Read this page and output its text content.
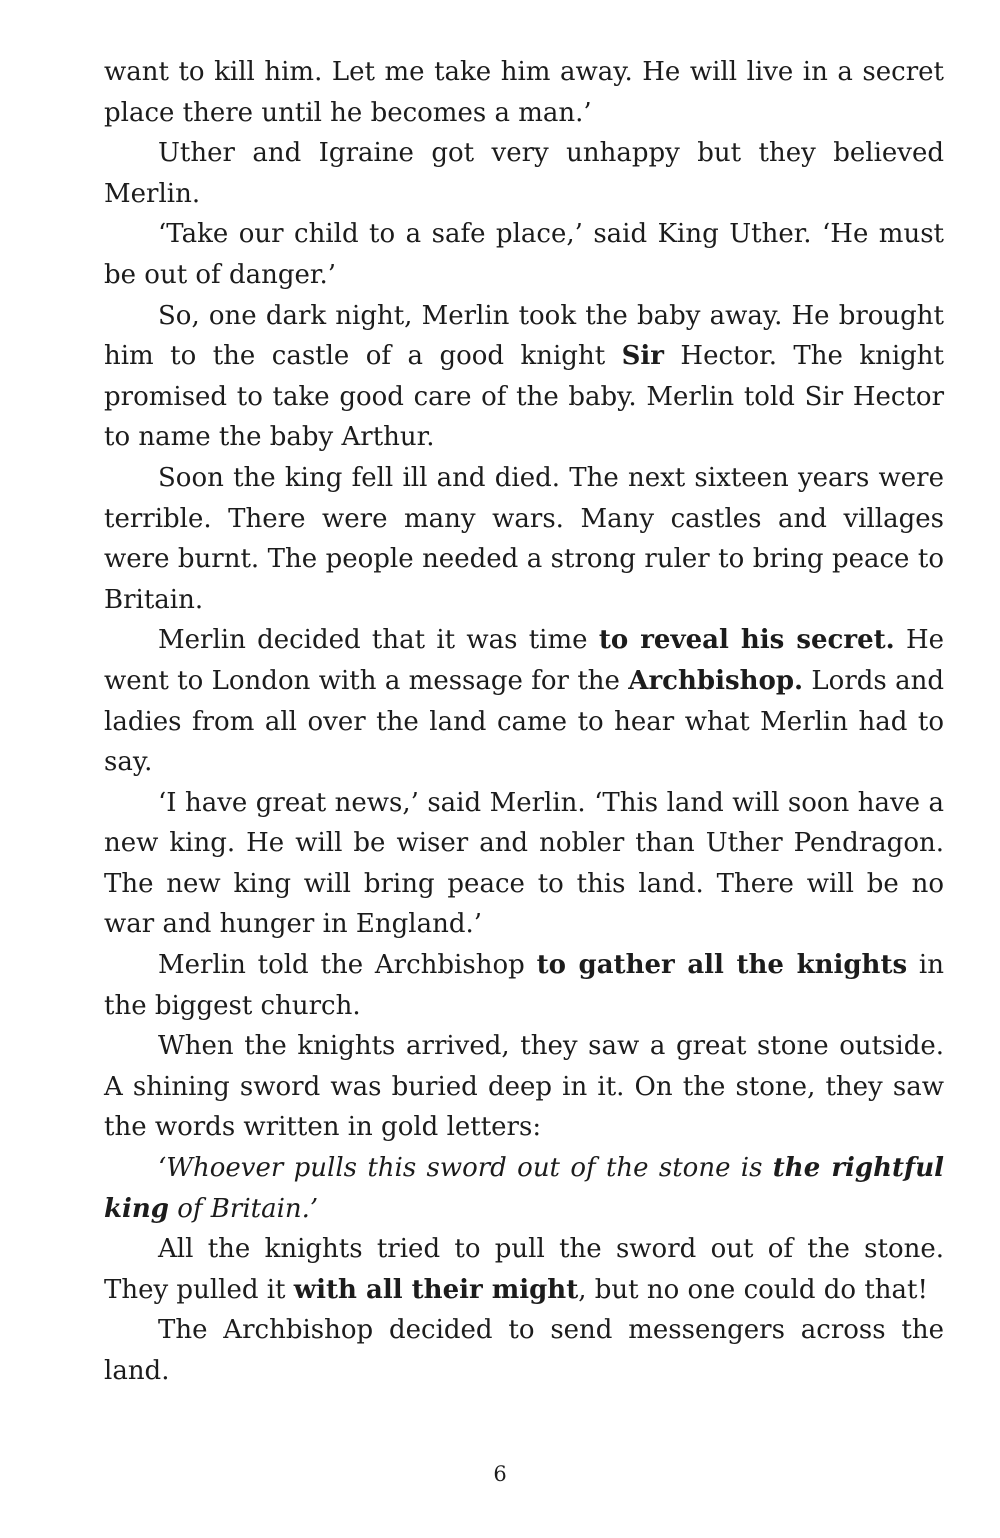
want to kill him. Let me take him away. He will live in a secret place there until he becomes a man.’

Uther and Igraine got very unhappy but they believed Merlin.

‘Take our child to a safe place,’ said King Uther. ‘He must be out of danger.’

So, one dark night, Merlin took the baby away. He brought him to the castle of a good knight Sir Hector. The knight promised to take good care of the baby. Merlin told Sir Hector to name the baby Arthur.

Soon the king fell ill and died. The next sixteen years were terrible. There were many wars. Many castles and villages were burnt. The people needed a strong ruler to bring peace to Britain.

Merlin decided that it was time to reveal his secret. He went to London with a message for the Archbishop. Lords and ladies from all over the land came to hear what Merlin had to say.

‘I have great news,’ said Merlin. ‘This land will soon have a new king. He will be wiser and nobler than Uther Pendragon. The new king will bring peace to this land. There will be no war and hunger in England.’

Merlin told the Archbishop to gather all the knights in the biggest church.

When the knights arrived, they saw a great stone outside. A shining sword was buried deep in it. On the stone, they saw the words written in gold letters:

‘Whoever pulls this sword out of the stone is the rightful king of Britain.’

All the knights tried to pull the sword out of the stone. They pulled it with all their might, but no one could do that!

The Archbishop decided to send messengers across the land.

6
